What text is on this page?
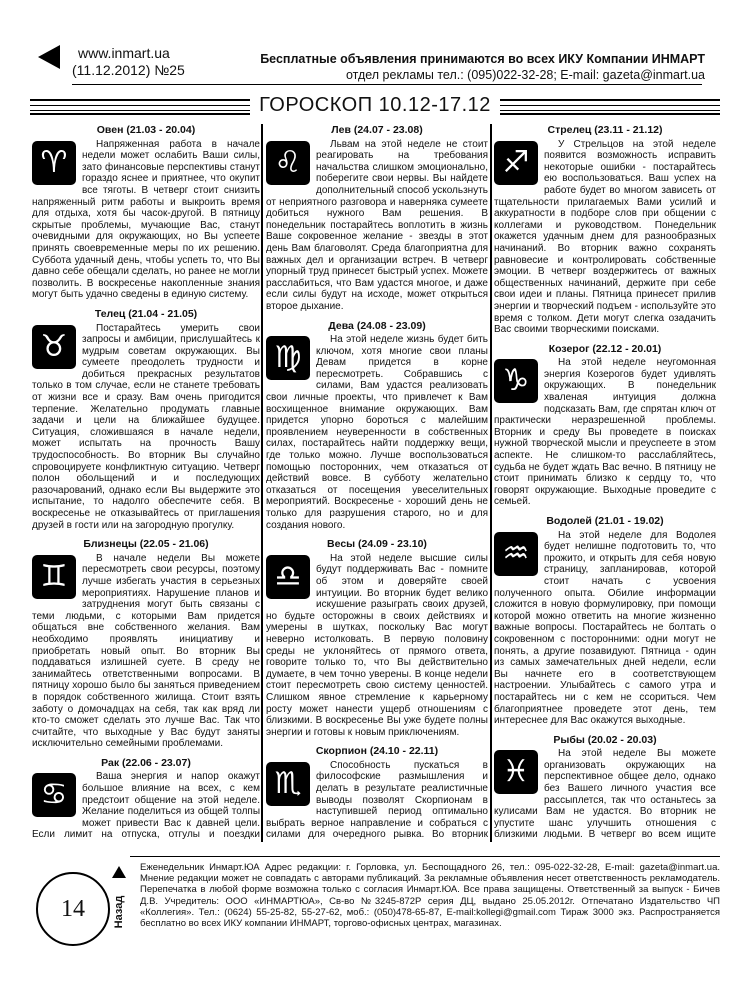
www.inmart.ua
(11.12.2012) №25
Бесплатные объявления принимаются во всех ИКУ Компании ИНМАРТ
отдел рекламы тел.: (095)022-32-28; E-mail: gazeta@inmart.ua
ГОРОСКОП 10.12-17.12
Овен (21.03 - 20.04)
♈
Напряженная работа в начале недели может ослабить Ваши силы, зато финансовые перспективы станут гораздо яснее и приятнее, что окупит все тяготы. В четверг стоит снизить напряженный ритм работы и выкроить время для отдыха, хотя бы часок-другой. В пятницу скрытые проблемы, мучающие Вас, станут очевидными для окружающих, но Вы успеете принять своевременные меры по их решению. Суббота удачный день, чтобы успеть то, что Вы давно себе обещали сделать, но ранее не могли позволить. В воскресенье накопленные знания могут быть удачно сведены в единую систему.
Телец (21.04 - 21.05)
♉
Постарайтесь умерить свои запросы и амбиции, прислушайтесь к мудрым советам окружающих. Вы сумеете преодолеть трудности и добиться прекрасных результатов только в том случае, если не станете требовать от жизни все и сразу. Вам очень пригодится терпение. Желательно продумать главные задачи и цели на ближайшее будущее. Ситуация, сложившаяся в начале недели, может испытать на прочность Вашу трудоспособность. Во вторник Вы случайно спровоцируете конфликтную ситуацию. Четверг полон обольщений и и последующих разочарований, однако если Вы выдержите это испытание, то надолго обеспечите себя. В воскресенье не отказывайтесь от приглашения друзей в гости или на загородную прогулку.
Близнецы (22.05 - 21.06)
♊
В начале недели Вы можете пересмотреть свои ресурсы, поэтому лучше избегать участия в серьезных мероприятиях. Нарушение планов и затруднения могут быть связаны с теми людьми, с которыми Вам придется общаться вне собственного желания. Вам необходимо проявлять инициативу и приобретать новый опыт. Во вторник Вы поддаваться излишней суете. В среду не занимайтесь ответственными вопросами. В пятницу хорошо было бы заняться приведением в порядок собственного жилища. Стоит взять заботу о домочадцах на себя, так как вряд ли кто-то сможет сделать это лучше Вас. Так что считайте, что выходные у Вас будут заняты исключительно семейными проблемами.
Рак (22.06 - 23.07)
♋
Ваша энергия и напор окажут большое влияние на всех, с кем предстоит общение на этой неделе. Желание поделиться из общей толпы может привести Вас к давней цели. Если лимит на отпуска, отгулы и поездки
Лев (24.07 - 23.08)
♌
Львам на этой неделе не стоит реагировать на требования начальства слишком эмоционально, поберегите свои нервы. Вы найдете дополнительный способ ускользнуть от неприятного разговора и наверняка сумеете добиться нужного Вам решения. В понедельник постарайтесь воплотить в жизнь Ваше сокровенное желание - звезды в этот день Вам благоволят. Среда благоприятна для важных дел и организации встреч. В четверг упорный труд принесет быстрый успех. Можете расслабиться, что Вам удастся многое, и даже если силы будут на исходе, может открыться второе дыхание.
Дева (24.08 - 23.09)
♍
На этой неделе жизнь будет бить ключом, хотя многие свои планы Девам придется в корне пересмотреть. Собравшись с силами, Вам удастся реализовать свои личные проекты, что привлечет к Вам восхищенное внимание окружающих. Вам придется упорно бороться с малейшим проявлением неуверенности в собственных силах, постарайтесь найти поддержку вещи, где только можно. Лучше воспользоваться помощью посторонних, чем отказаться от действий вовсе. В субботу желательно отказаться от посещения увеселительных мероприятий. Воскресенье - хороший день не только для разрушения старого, но и для создания нового.
Весы (24.09 - 23.10)
♎
На этой неделе высшие силы будут поддерживать Вас - помните об этом и доверяйте своей интуиции. Во вторник будет велико искушение разыграть своих друзей, но будьте осторожны в своих действиях и умерены в шутках, поскольку Вас могут неверно истолковать. В первую половину среды не уклоняйтесь от прямого ответа, говорите только то, что Вы действительно думаете, в чем точно уверены. В конце недели стоит пересмотреть свою систему ценностей. Слишком явное стремление к карьерному росту может нанести ущерб отношениям с близкими. В воскресенье Вы уже будете полны энергии и готовы к новым приключениям.
Скорпион (24.10 - 22.11)
♏
Способность пускаться в философские размышления и делать в результате реалистичные выводы позволят Скорпионам в наступившей период оптимально выбрать верное направление и собраться с силами для очередного рывка. Во вторник
Стрелец (23.11 - 21.12)
♐
У Стрельцов на этой неделе появится возможность исправить некоторые ошибки - постарайтесь ею воспользоваться. Ваш успех на работе будет во многом зависеть от тщательности прилагаемых Вами усилий и аккуратности в подборе слов при общении с коллегами и руководством. Понедельник окажется удачным днем для разнообразных начинаний. Во вторник важно сохранять равновесие и контролировать собственные эмоции. В четверг воздержитесь от важных общественных начинаний, держите при себе свои идеи и планы. Пятница принесет прилив энергии и творческий подъем - используйте это время с толком. Дети могут слегка озадачить Вас своими творческими поисками.
Козерог (22.12 - 20.01)
♑
На этой неделе неугомонная энергия Козерогов будет удивлять окружающих. В понедельник хваленая интуиция должна подсказать Вам, где спрятан ключ от практически неразрешенной проблемы. Вторник и среду Вы проведете в поисках нужной творческой мысли и преуспеете в этом аспекте. Не слишком-то расслабляйтесь, судьба не будет ждать Вас вечно. В пятницу не стоит принимать близко к сердцу то, что говорят окружающие. Выходные проведите с семьей.
Водолей (21.01 - 19.02)
♒
На этой неделе для Водолея будет нелишне подготовить то, что прожито, и открыть для себя новую страницу, запланировав, которой стоит начать с усвоения полученного опыта. Обилие информации сложится в новую формулировку, при помощи которой можно ответить на многие жизненно важные вопросы. Постарайтесь не болтать о сокровенном с посторонними: одни могут не понять, а другие позавидуют. Пятница - один из самых замечательных дней недели, если Вы начнете его в соответствующем настроении. Улыбайтесь с самого утра и постарайтесь ни с кем не ссориться. Чем благоприятнее проведете этот день, тем интереснее для Вас окажутся выходные.
Рыбы (20.02 - 20.03)
♓
На этой неделе Вы можете организовать окружающих на перспективное общее дело, однако без Вашего личного участия все рассыплется, так что останьтесь за кулисами Вам не удастся. Во вторник не упустите шанс улучшить отношения с близкими людьми. В четверг во всем ищите
14	Назад
Еженедельник Инмарт.ЮА Адрес редакции: г. Горловка, ул. Беспощадного 26, тел.: 095-022-32-28, E-mail: gazeta@inmart.ua. Мнение редакции может не совпадать с авторами публикаций. За рекламные объявления несет ответственность рекламодатель. Перепечатка в любой форме возможна только с согласия Инмарт.ЮА. Все права защищены. Ответственный за выпуск - Бичев Д.В. Учредитель: ООО «ИНМАРТЮА», Св-во №3245-872Р серия ДЦ, выдано 25.05.2012г. Отпечатано Издательство ЧП «Коллегия». Тел.: (0624) 55-25-82, 55-27-62, моб.: (050)478-65-87, E-mail:kollegi@gmail.com Тираж 3000 экз. Распространяется бесплатно во всех ИКУ компании ИНМАРТ, торгово-офисных центрах, магазинах.
